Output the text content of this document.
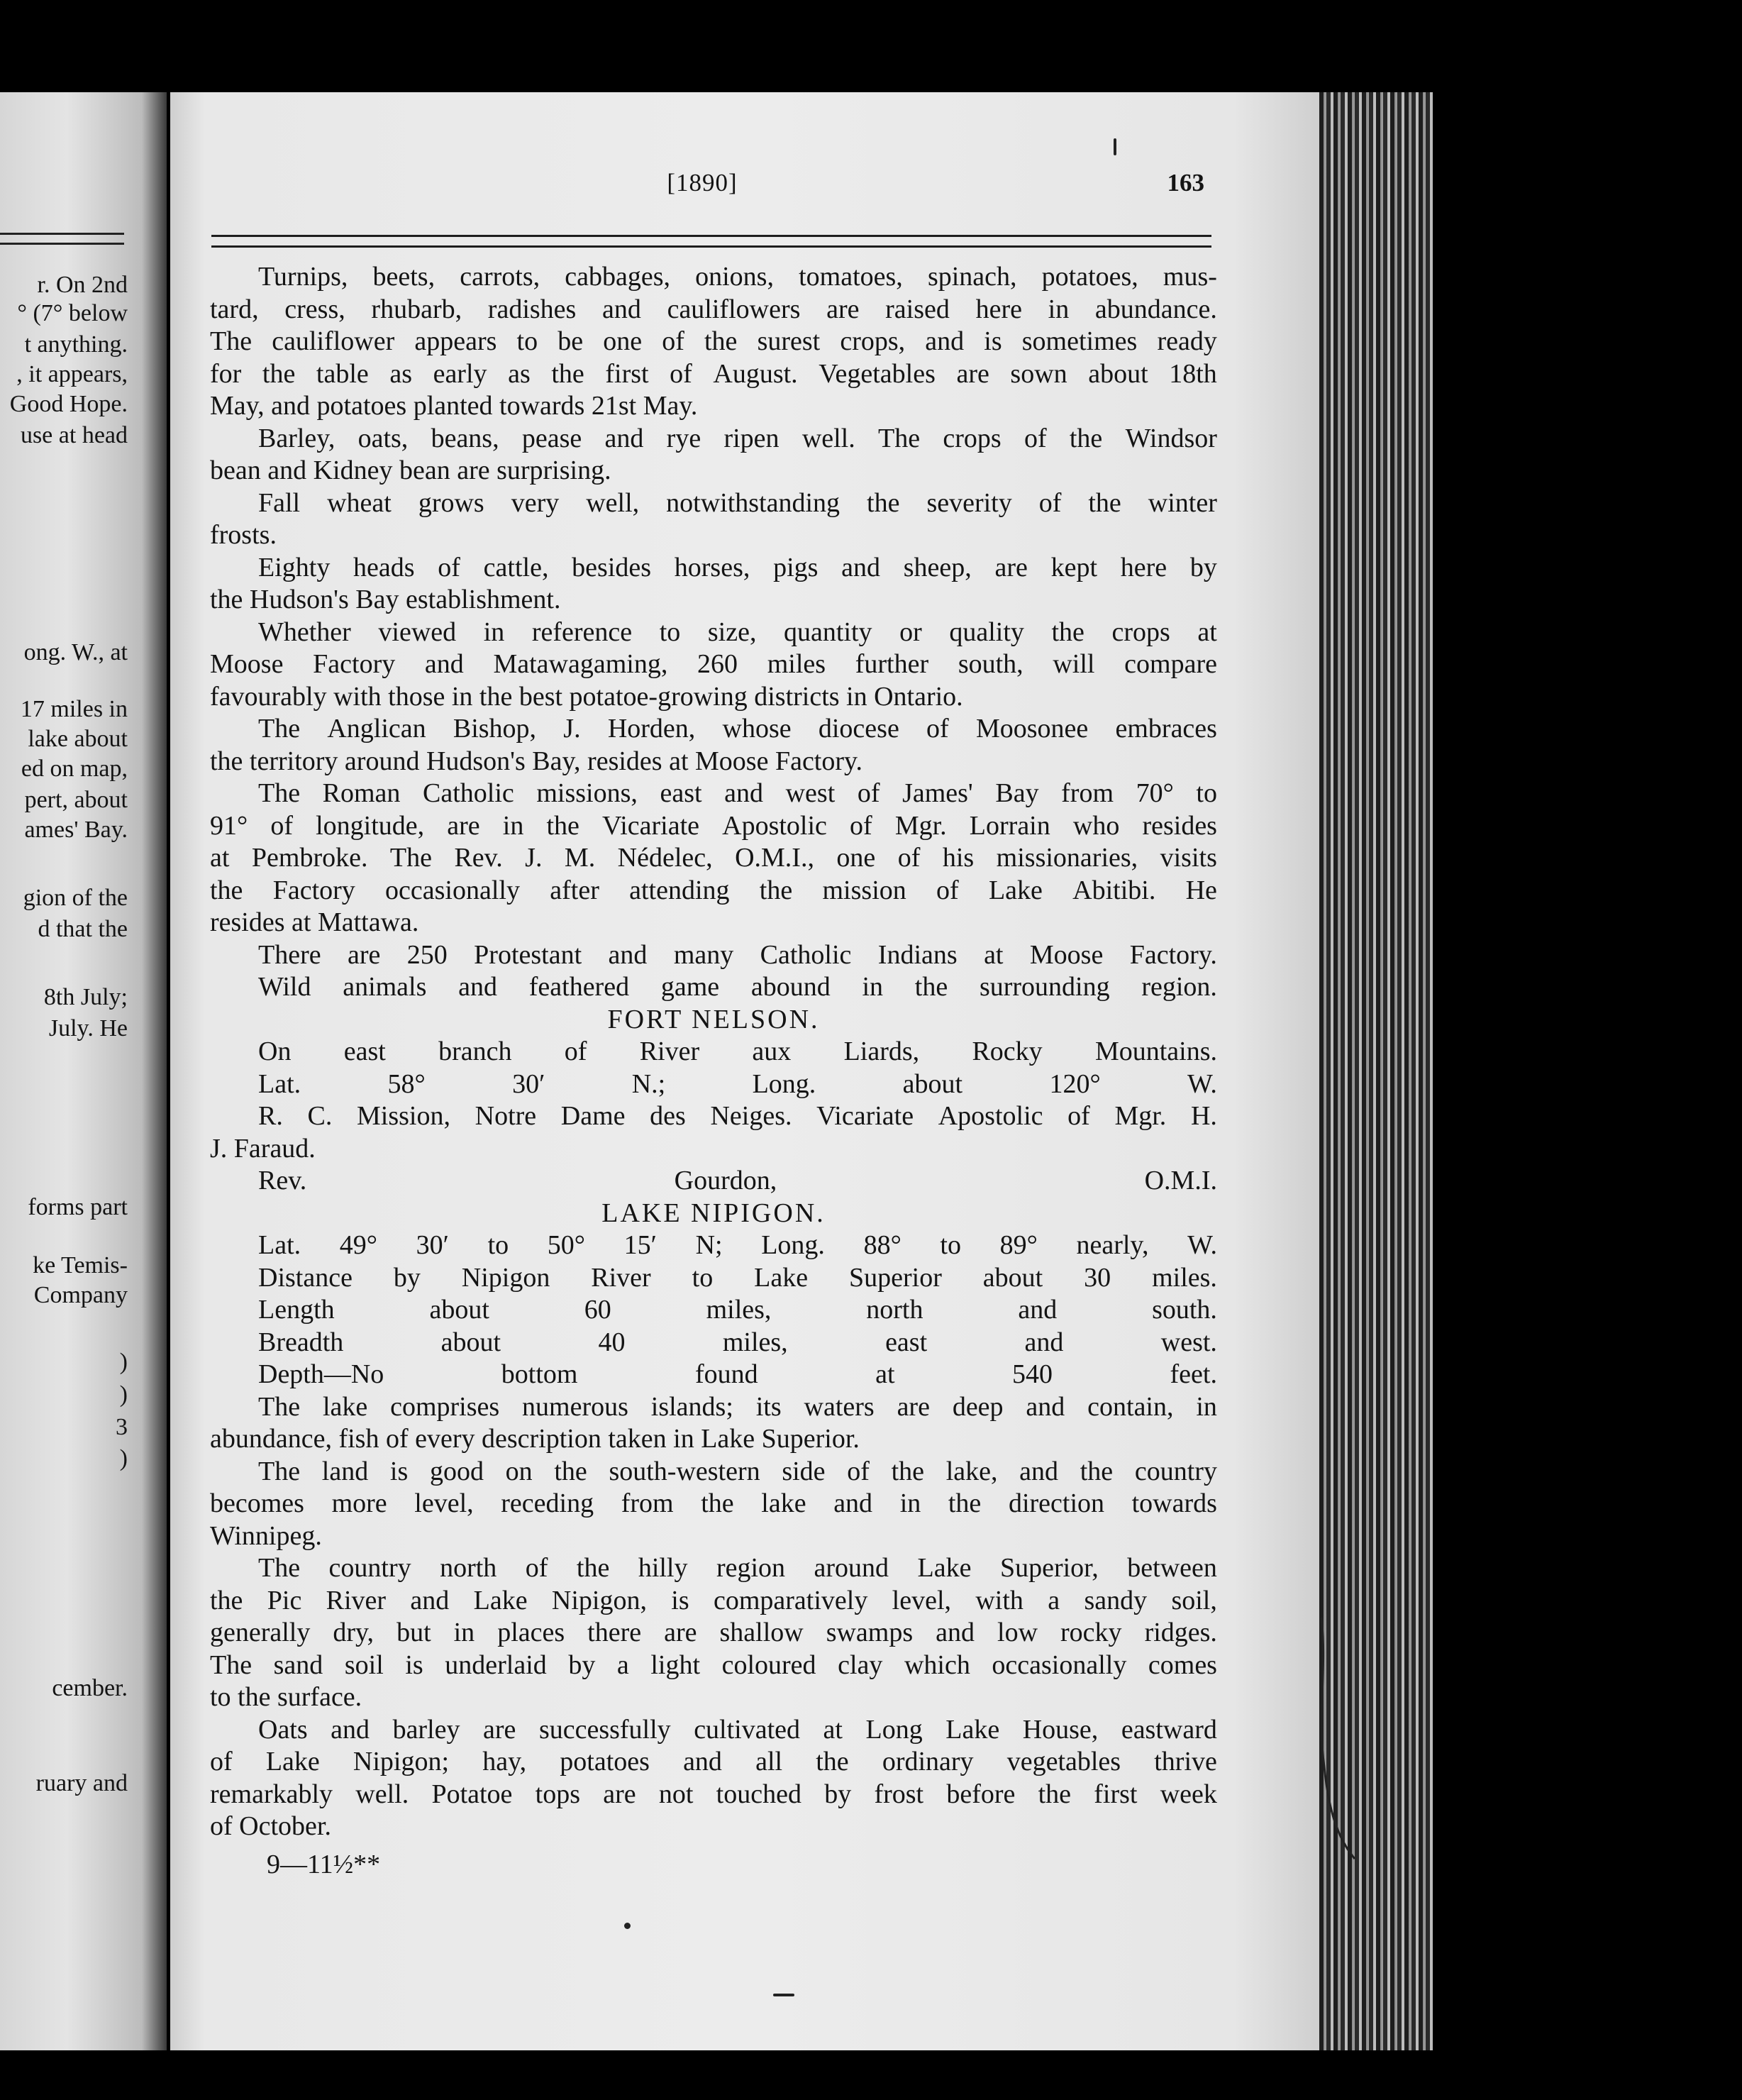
r. On 2nd
° (7° below
t anything.
, it appears,
Good Hope.
use at head
ong. W., at
17 miles in
lake about
ed on map,
pert, about
ames' Bay.
gion of the
d that the
8th July;
July. He
forms part
ke Temis-
Company
)
)
3
)
cember.
ruary and
[1890]	163
Turnips, beets, carrots, cabbages, onions, tomatoes, spinach, potatoes, mus-
tard, cress, rhubarb, radishes and cauliflowers are raised here in abundance.
The cauliflower appears to be one of the surest crops, and is sometimes ready
for the table as early as the first of August. Vegetables are sown about 18th
May, and potatoes planted towards 21st May.
Barley, oats, beans, pease and rye ripen well. The crops of the Windsor
bean and Kidney bean are surprising.
Fall wheat grows very well, notwithstanding the severity of the winter
frosts.
Eighty heads of cattle, besides horses, pigs and sheep, are kept here by
the Hudson's Bay establishment.
Whether viewed in reference to size, quantity or quality the crops at
Moose Factory and Matawagaming, 260 miles further south, will compare
favourably with those in the best potatoe-growing districts in Ontario.
The Anglican Bishop, J. Horden, whose diocese of Moosonee embraces
the territory around Hudson's Bay, resides at Moose Factory.
The Roman Catholic missions, east and west of James' Bay from 70° to
91° of longitude, are in the Vicariate Apostolic of Mgr. Lorrain who resides
at Pembroke. The Rev. J. M. Nédelec, O.M.I., one of his missionaries, visits
the Factory occasionally after attending the mission of Lake Abitibi. He
resides at Mattawa.
There are 250 Protestant and many Catholic Indians at Moose Factory.
Wild animals and feathered game abound in the surrounding region.
FORT NELSON.
On east branch of River aux Liards, Rocky Mountains.
Lat.	58°	30′	N.;	Long.	about	120°	W.
R. C. Mission, Notre Dame des Neiges. Vicariate Apostolic of Mgr. H.
J. Faraud.
Rev.	Gourdon,	O.M.I.
LAKE NIPIGON.
Lat. 49° 30′ to 50° 15′ N; Long. 88° to 89° nearly, W.
Distance by Nipigon River to Lake Superior about 30 miles.
Length	about	60	miles,	north	and	south.
Breadth	about	40	miles,	east	and	west.
Depth—No	bottom	found	at	540	feet.
The lake comprises numerous islands; its waters are deep and contain, in
abundance, fish of every description taken in Lake Superior.
The land is good on the south-western side of the lake, and the country
becomes more level, receding from the lake and in the direction towards
Winnipeg.
The country north of the hilly region around Lake Superior, between
the Pic River and Lake Nipigon, is comparatively level, with a sandy soil,
generally dry, but in places there are shallow swamps and low rocky ridges.
The sand soil is underlaid by a light coloured clay which occasionally comes
to the surface.
Oats and barley are successfully cultivated at Long Lake House, eastward
of Lake Nipigon; hay, potatoes and all the ordinary vegetables thrive
remarkably well. Potatoe tops are not touched by frost before the first week
of October.
9—11½**
